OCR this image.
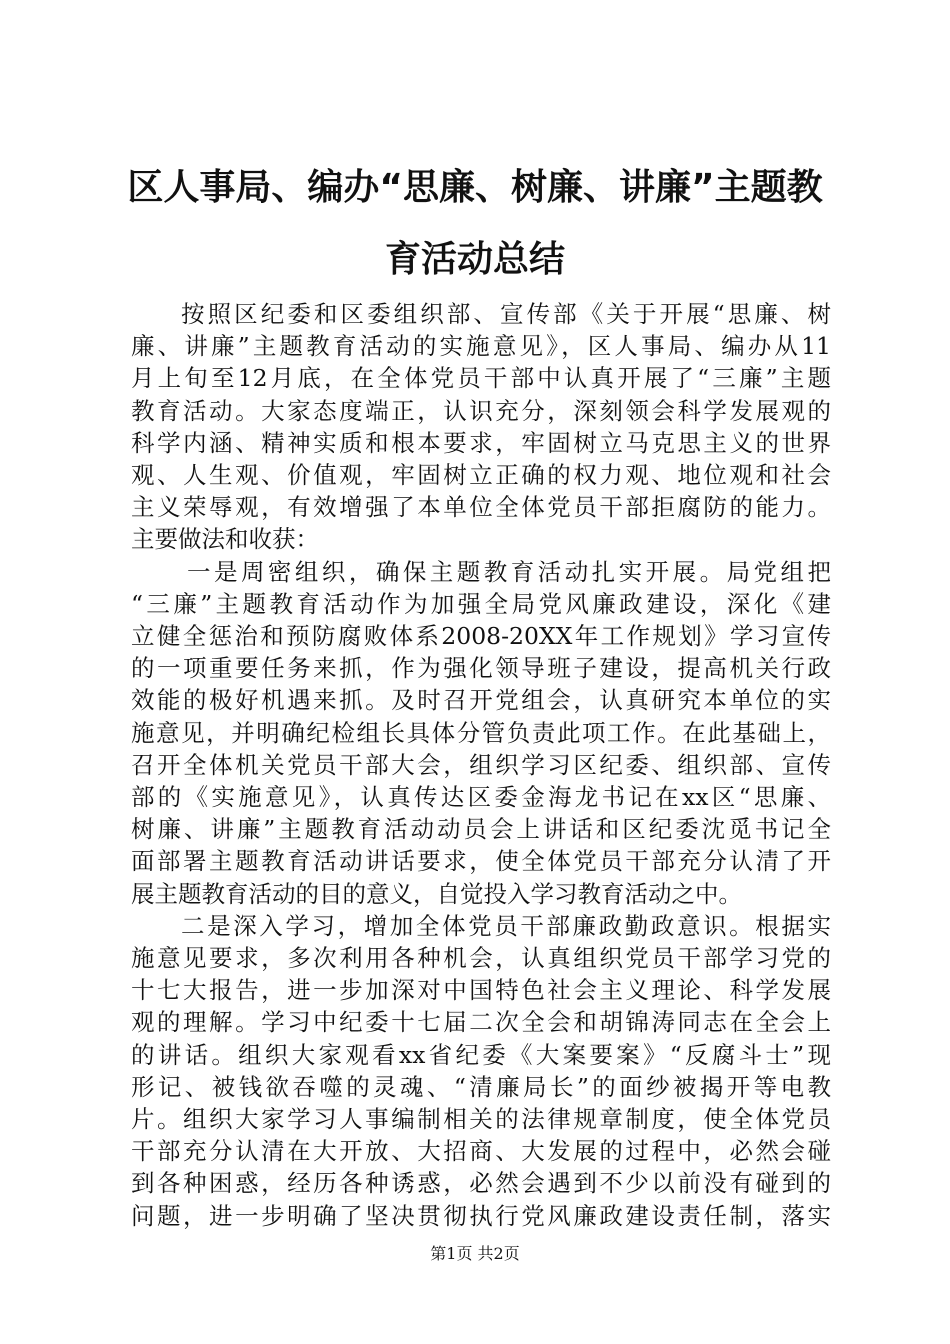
区人事局、编办“思廉、树廉、讲廉”主题教
育活动总结
按照区纪委和区委组织部、宣传部《关于开展“思廉、树
廉、讲廉”主题教育活动的实施意见》，区人事局、编办从11
月上旬至12月底，在全体党员干部中认真开展了“三廉”主题
教育活动。大家态度端正，认识充分，深刻领会科学发展观的
科学内涵、精神实质和根本要求，牢固树立马克思主义的世界
观、人生观、价值观，牢固树立正确的权力观、地位观和社会
主义荣辱观，有效增强了本单位全体党员干部拒腐防的能力。
主要做法和收获：
一是周密组织，确保主题教育活动扎实开展。局党组把
“三廉”主题教育活动作为加强全局党风廉政建设，深化《建
立健全惩治和预防腐败体系2008-20XX年工作规划》学习宣传
的一项重要任务来抓，作为强化领导班子建设，提高机关行政
效能的极好机遇来抓。及时召开党组会，认真研究本单位的实
施意见，并明确纪检组长具体分管负责此项工作。在此基础上，
召开全体机关党员干部大会，组织学习区纪委、组织部、宣传
部的《实施意见》，认真传达区委金海龙书记在xx区“思廉、
树廉、讲廉”主题教育活动动员会上讲话和区纪委沈觅书记全
面部署主题教育活动讲话要求，使全体党员干部充分认清了开
展主题教育活动的目的意义，自觉投入学习教育活动之中。
二是深入学习，增加全体党员干部廉政勤政意识。根据实
施意见要求，多次利用各种机会，认真组织党员干部学习党的
十七大报告，进一步加深对中国特色社会主义理论、科学发展
观的理解。学习中纪委十七届二次全会和胡锦涛同志在全会上
的讲话。组织大家观看xx省纪委《大案要案》“反腐斗士”现
形记、被钱欲吞噬的灵魂、“清廉局长”的面纱被揭开等电教
片。组织大家学习人事编制相关的法律规章制度，使全体党员
干部充分认清在大开放、大招商、大发展的过程中，必然会碰
到各种困惑，经历各种诱惑，必然会遇到不少以前没有碰到的
问题，进一步明确了坚决贯彻执行党风廉政建设责任制，落实
第1页 共2页
